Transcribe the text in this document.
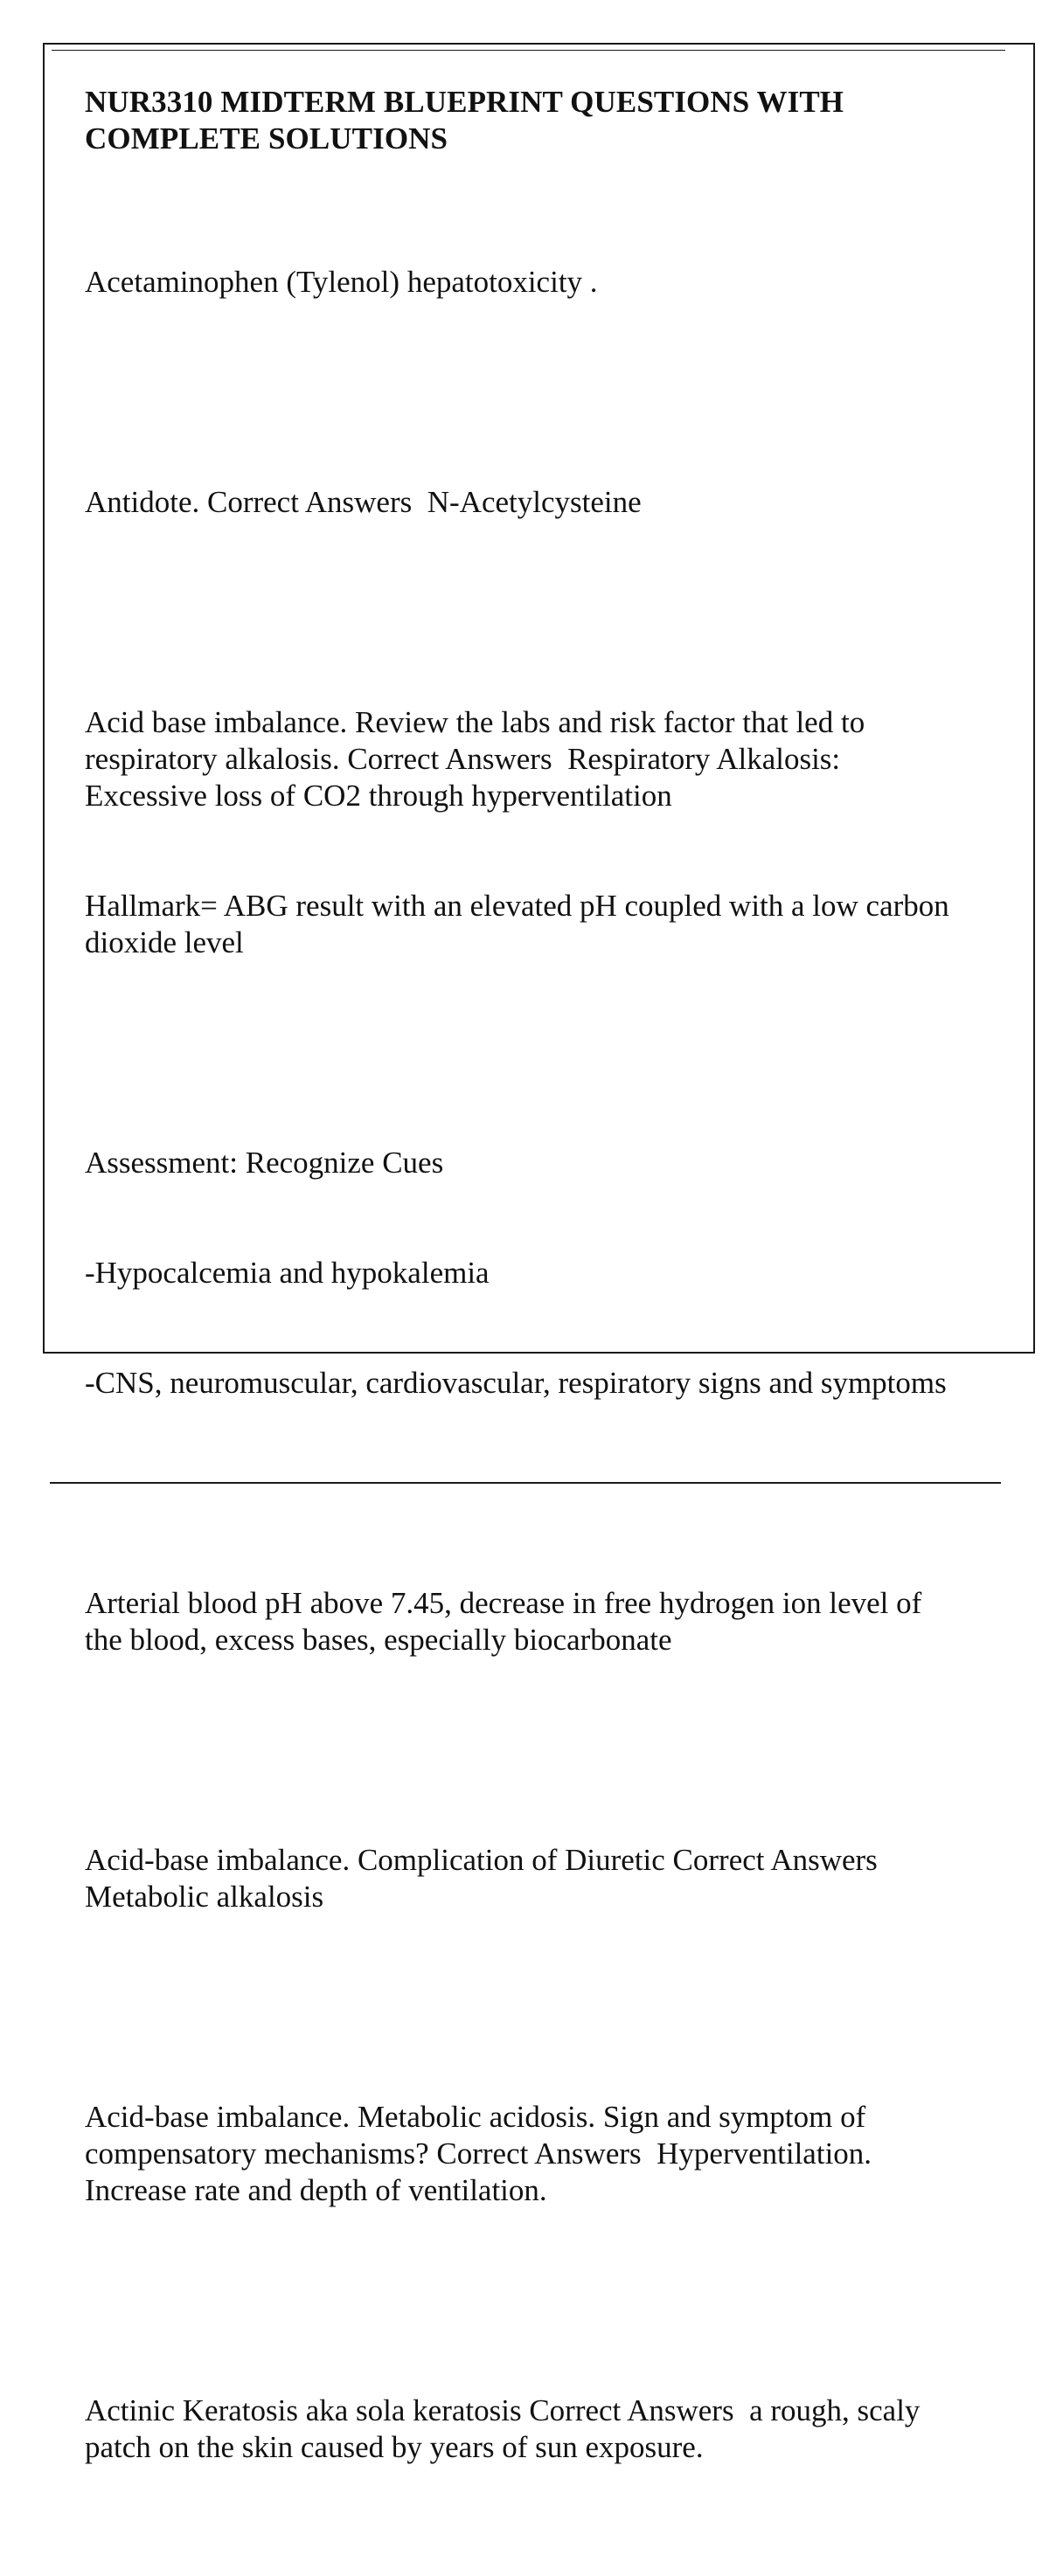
NUR3310 MIDTERM BLUEPRINT QUESTIONS WITH COMPLETE SOLUTIONS

Acetaminophen (Tylenol) hepatotoxicity .

Antidote. Correct Answers  N-Acetylcysteine

Acid base imbalance. Review the labs and risk factor that led to respiratory alkalosis. Correct Answers  Respiratory Alkalosis: Excessive loss of CO2 through hyperventilation

Hallmark= ABG result with an elevated pH coupled with a low carbon dioxide level

Assessment: Recognize Cues

-Hypocalcemia and hypokalemia

-CNS, neuromuscular, cardiovascular, respiratory signs and symptoms

Arterial blood pH above 7.45, decrease in free hydrogen ion level of the blood, excess bases, especially biocarbonate

Acid-base imbalance. Complication of Diuretic Correct Answers Metabolic alkalosis

Acid-base imbalance. Metabolic acidosis. Sign and symptom of compensatory mechanisms? Correct Answers  Hyperventilation. Increase rate and depth of ventilation.

Actinic Keratosis aka sola keratosis Correct Answers  a rough, scaly patch on the skin caused by years of sun exposure.
